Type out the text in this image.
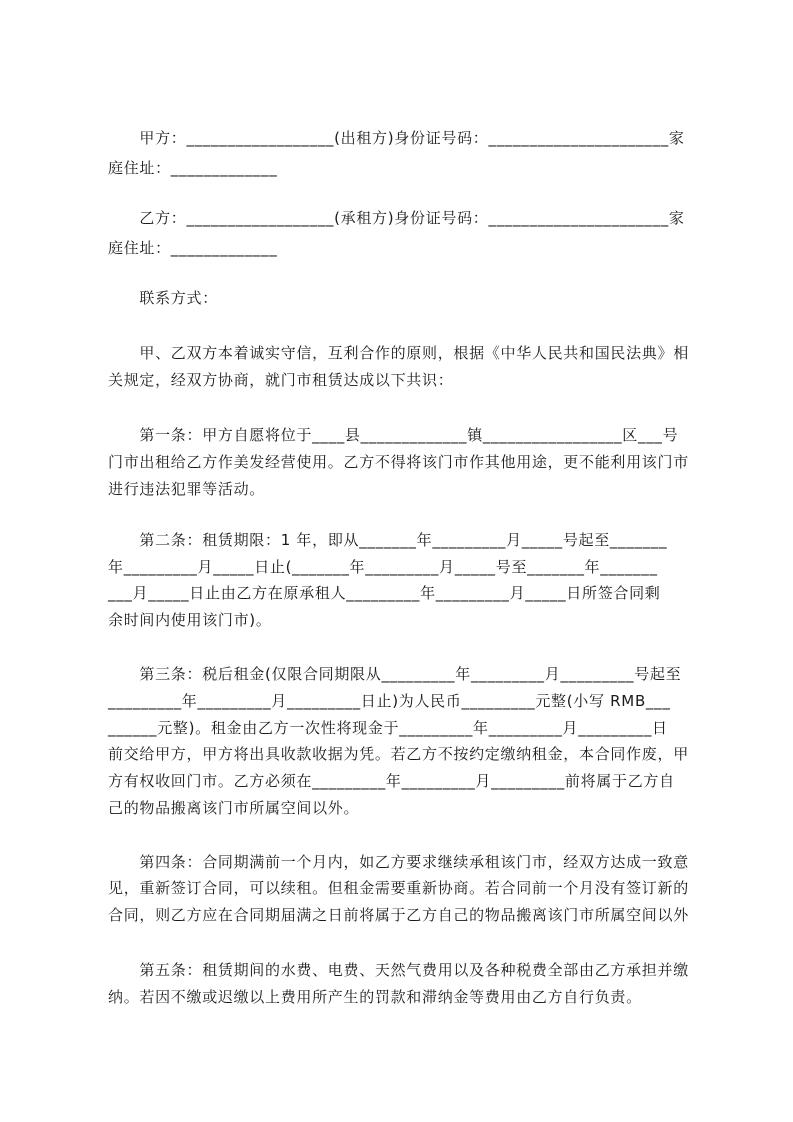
　　甲方：__________________(出租方)身份证号码：______________________家

庭住址：_____________

　　乙方：__________________(承租方)身份证号码：______________________家

庭住址：_____________

　　联系方式：

　　甲、乙双方本着诚实守信，互利合作的原则，根据《中华人民共和国民法典》相

关规定，经双方协商，就门市租赁达成以下共识：

　　第一条：甲方自愿将位于____县_____________镇_________________区___号

门市出租给乙方作美发经营使用。乙方不得将该门市作其他用途，更不能利用该门市

进行违法犯罪等活动。

　　第二条：租赁期限：1 年，即从_______年_________月_____号起至_______

年_________月_____日止(_______年_________月_____号至_______年_______

___月_____日止由乙方在原承租人_________年_________月_____日所签合同剩

余时间内使用该门市)。

　　第三条：税后租金(仅限合同期限从_________年_________月_________号起至

_________年_________月_________日止)为人民币_________元整(小写 RMB___

______元整)。租金由乙方一次性将现金于_________年_________月_________日

前交给甲方，甲方将出具收款收据为凭。若乙方不按约定缴纳租金，本合同作废，甲

方有权收回门市。乙方必须在_________年_________月_________前将属于乙方自

己的物品搬离该门市所属空间以外。

　　第四条：合同期满前一个月内，如乙方要求继续承租该门市，经双方达成一致意

见，重新签订合同，可以续租。但租金需要重新协商。若合同前一个月没有签订新的

合同，则乙方应在合同期届满之日前将属于乙方自己的物品搬离该门市所属空间以外

　　第五条：租赁期间的水费、电费、天然气费用以及各种税费全部由乙方承担并缴

纳。若因不缴或迟缴以上费用所产生的罚款和滞纳金等费用由乙方自行负责。
